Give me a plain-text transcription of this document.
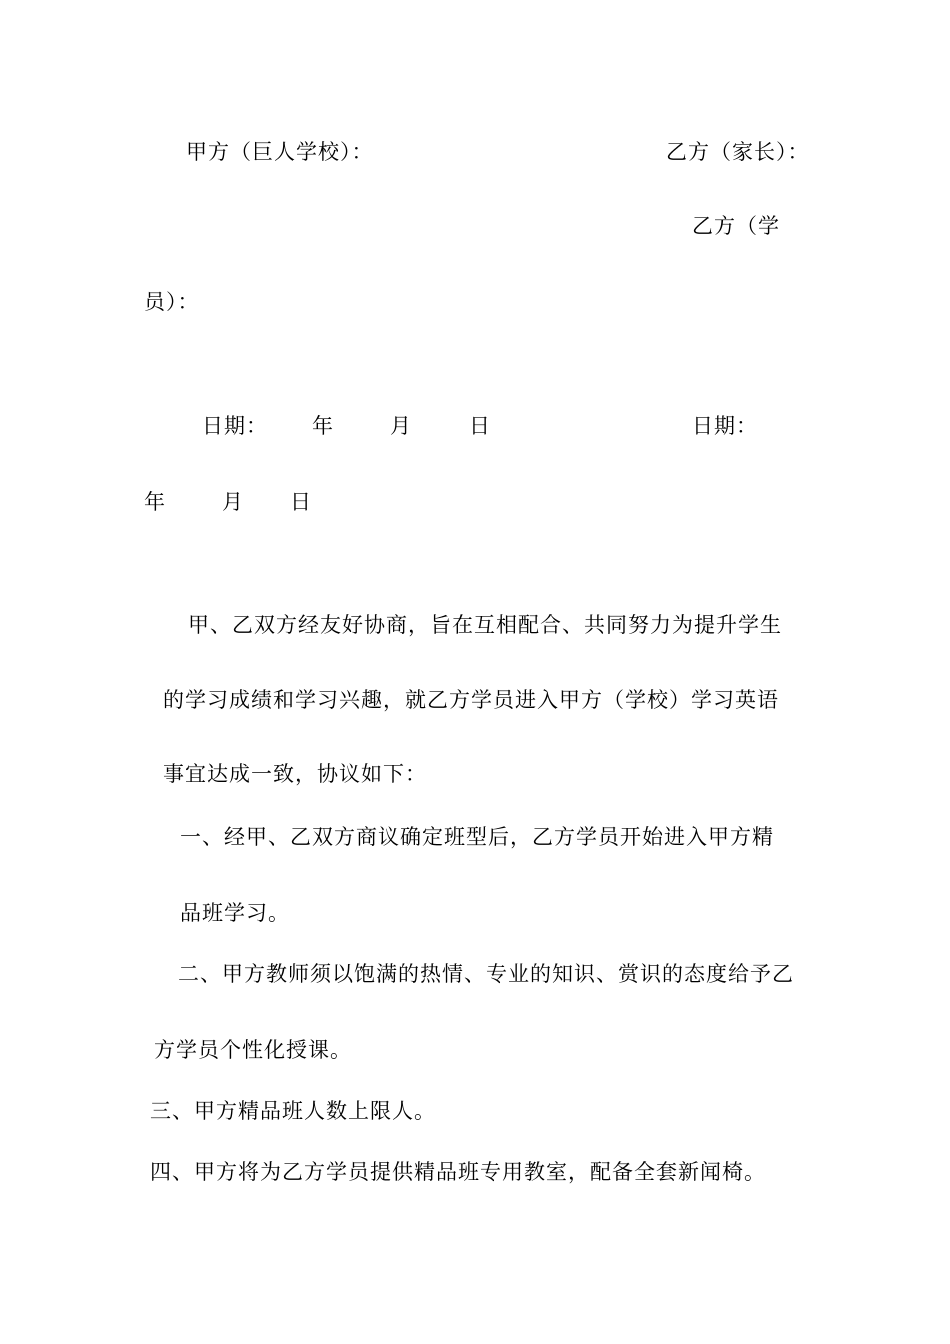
甲方（巨人学校）：	乙方（家长）：
乙方（学
员）：
日期： 年	月	日	日期：
年	月 日
甲、乙双方经友好协商，旨在互相配合、共同努力为提升学生
的学习成绩和学习兴趣，就乙方学员进入甲方（学校）学习英语
事宜达成一致，协议如下：
一、经甲、乙双方商议确定班型后，乙方学员开始进入甲方精
品班学习。
二、甲方教师须以饱满的热情、专业的知识、赏识的态度给予乙
方学员个性化授课。
三、甲方精品班人数上限人。
四、甲方将为乙方学员提供精品班专用教室，配备全套新闻椅。
